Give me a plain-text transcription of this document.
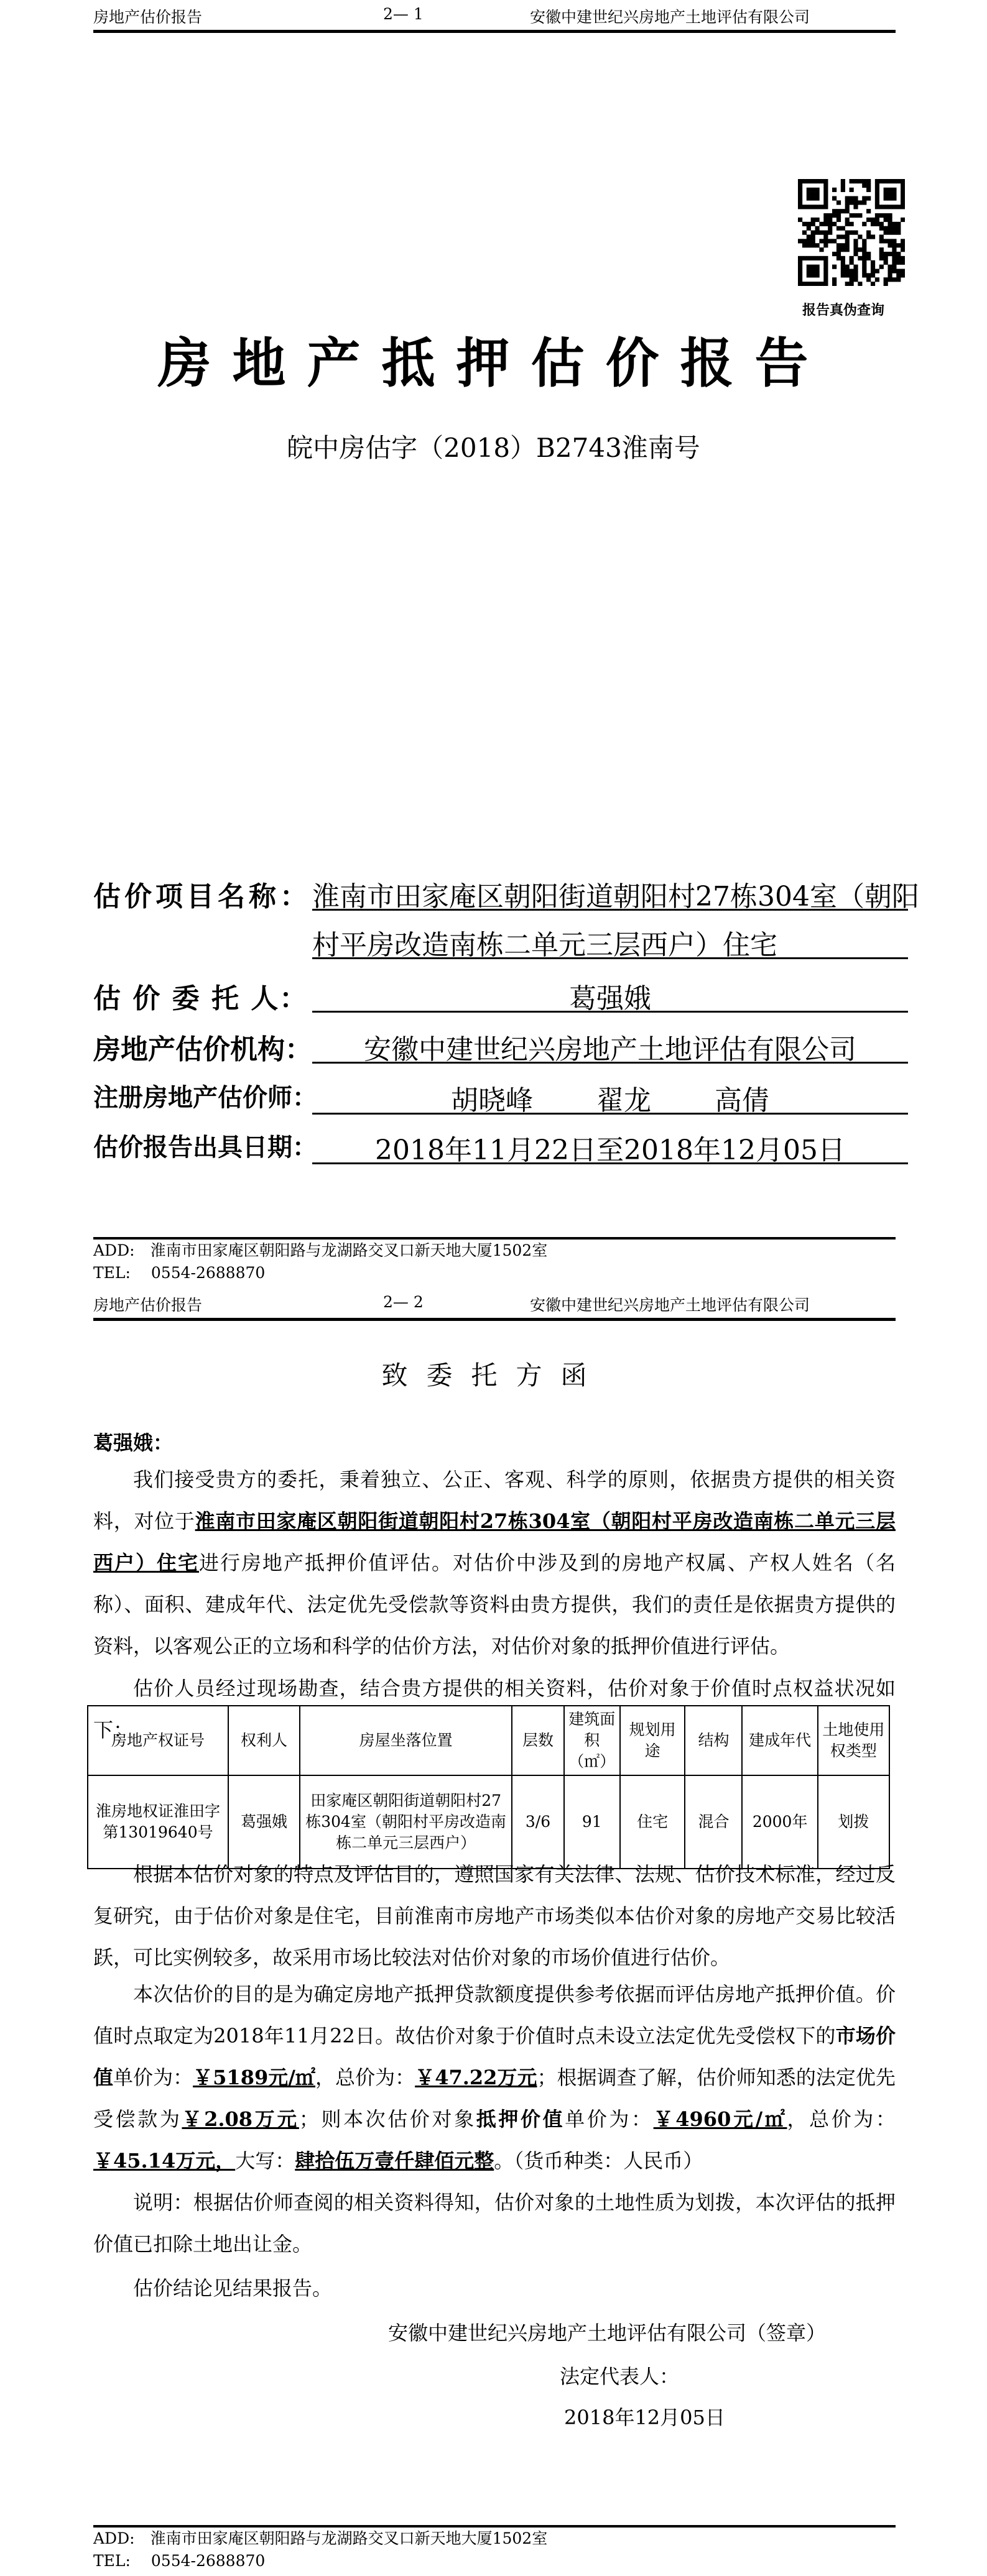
房地产估价报告	2— 1	安徽中建世纪兴房地产土地评估有限公司
报告真伪查询
房地产抵押估价报告
皖中房估字（2018）B2743淮南号
估价项目名称： 淮南市田家庵区朝阳街道朝阳村27栋304室（朝阳
村平房改造南栋二单元三层西户）住宅
估 价 委 托 人：	葛强娥
房地产估价机构：	安徽中建世纪兴房地产土地评估有限公司
注册房地产估价师：	胡晓峰　　 翟龙　　 高倩
估价报告出具日期：	2018年11月22日至2018年12月05日
ADD:　淮南市田家庵区朝阳路与龙湖路交叉口新天地大厦1502室
TEL:　 0554-2688870
房地产估价报告	2— 2	安徽中建世纪兴房地产土地评估有限公司
致委托方函
葛强娥：
我们接受贵方的委托，秉着独立、公正、客观、科学的原则，依据贵方提供的相关资料，对位于淮南市田家庵区朝阳街道朝阳村27栋304室（朝阳村平房改造南栋二单元三层西户）住宅进行房地产抵押价值评估。对估价中涉及到的房地产权属、产权人姓名（名称）、面积、建成年代、法定优先受偿款等资料由贵方提供，我们的责任是依据贵方提供的资料，以客观公正的立场和科学的估价方法，对估价对象的抵押价值进行评估。
估价人员经过现场勘查，结合贵方提供的相关资料，估价对象于价值时点权益状况如下：
房地产权证号	权利人	房屋坐落位置	层数	建筑面积（㎡）	规划用途	结构	建成年代	土地使用权类型
淮房地权证淮田字第13019640号	葛强娥	田家庵区朝阳街道朝阳村27栋304室（朝阳村平房改造南栋二单元三层西户）	3/6	91	住宅	混合	2000年	划拨
根据本估价对象的特点及评估目的，遵照国家有关法律、法规、估价技术标准，经过反复研究，由于估价对象是住宅，目前淮南市房地产市场类似本估价对象的房地产交易比较活跃，可比实例较多，故采用市场比较法对估价对象的市场价值进行估价。
本次估价的目的是为确定房地产抵押贷款额度提供参考依据而评估房地产抵押价值。价值时点取定为2018年11月22日。故估价对象于价值时点未设立法定优先受偿权下的市场价值单价为：￥5189元/㎡，总价为：￥47.22万元；根据调查了解，估价师知悉的法定优先受偿款为￥2.08万元；则本次估价对象抵押价值单价为：￥4960元/㎡，总价为：￥45.14万元，大写：肆拾伍万壹仟肆佰元整。（货币种类：人民币）
说明：根据估价师查阅的相关资料得知，估价对象的土地性质为划拨，本次评估的抵押价值已扣除土地出让金。
估价结论见结果报告。
安徽中建世纪兴房地产土地评估有限公司（签章）
法定代表人：
2018年12月05日
ADD:　淮南市田家庵区朝阳路与龙湖路交叉口新天地大厦1502室
TEL:　 0554-2688870
